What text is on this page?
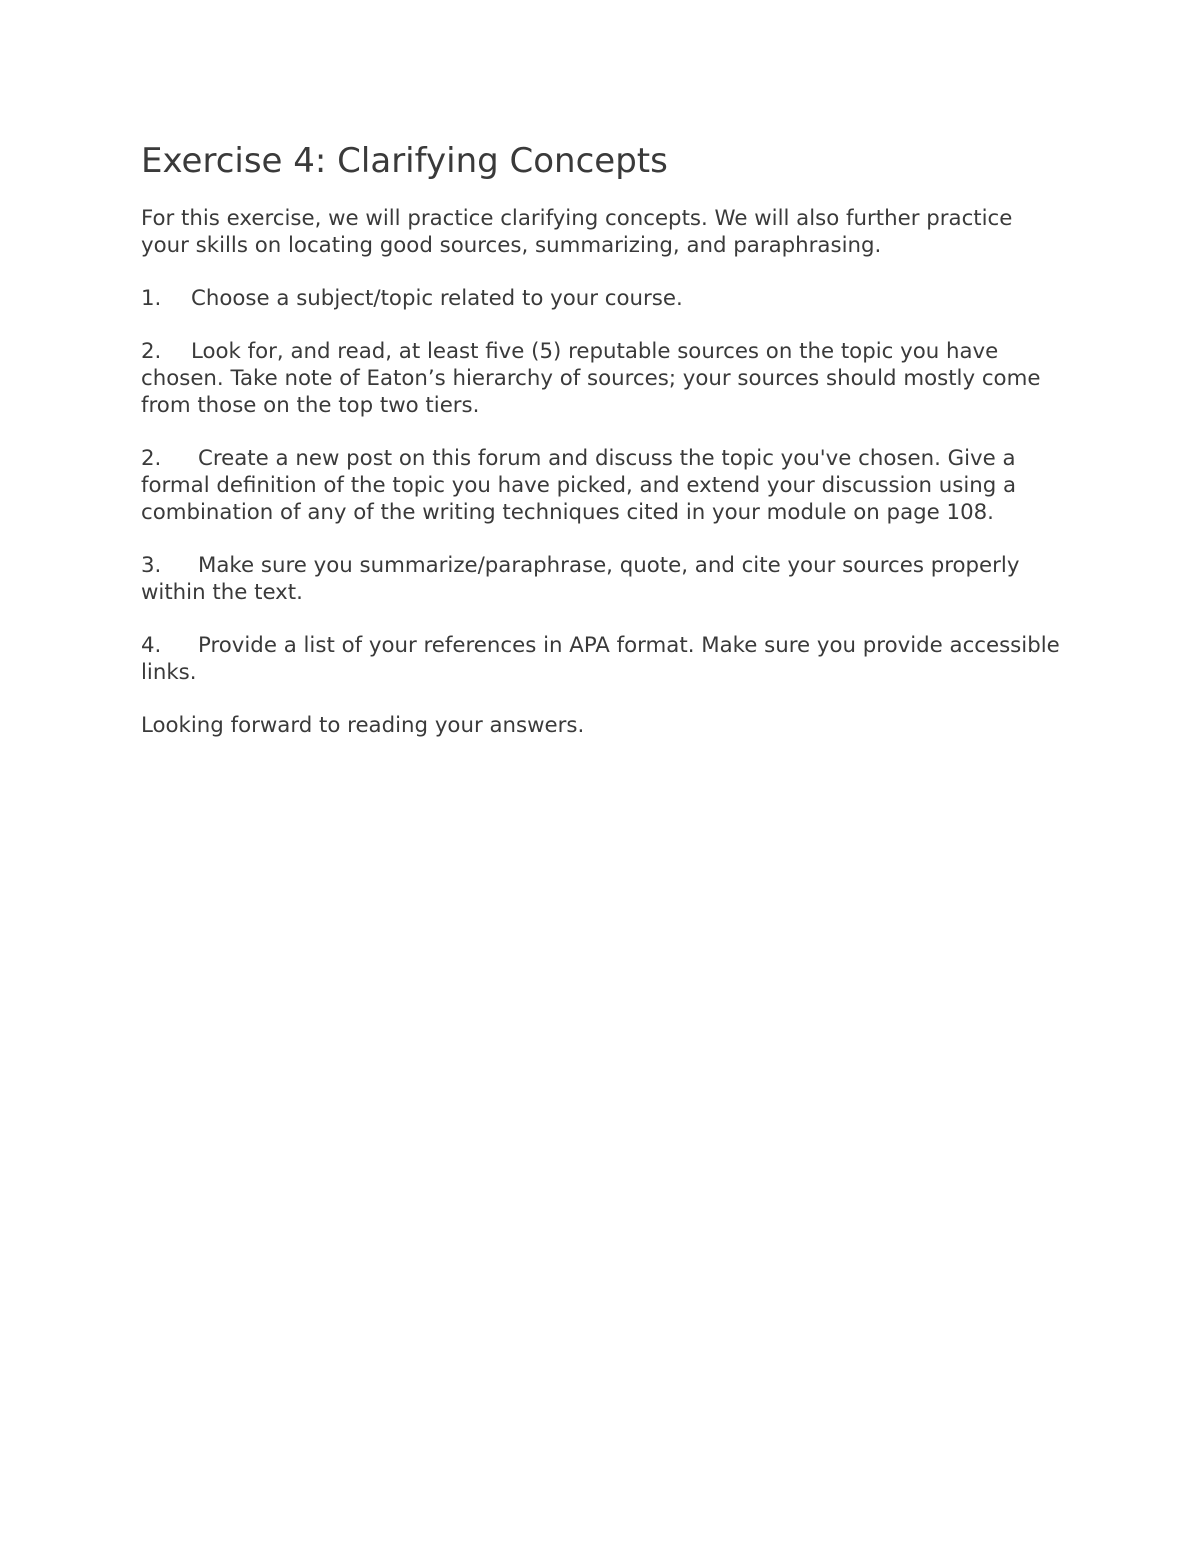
Exercise 4: Clarifying Concepts

For this exercise, we will practice clarifying concepts. We will also further practice your skills on locating good sources, summarizing, and paraphrasing.

1. Choose a subject/topic related to your course.

2. Look for, and read, at least five (5) reputable sources on the topic you have chosen. Take note of Eaton’s hierarchy of sources; your sources should mostly come from those on the top two tiers.

2. Create a new post on this forum and discuss the topic you've chosen. Give a formal definition of the topic you have picked, and extend your discussion using a combination of any of the writing techniques cited in your module on page 108.

3. Make sure you summarize/paraphrase, quote, and cite your sources properly within the text.

4. Provide a list of your references in APA format. Make sure you provide accessible links.

Looking forward to reading your answers.
